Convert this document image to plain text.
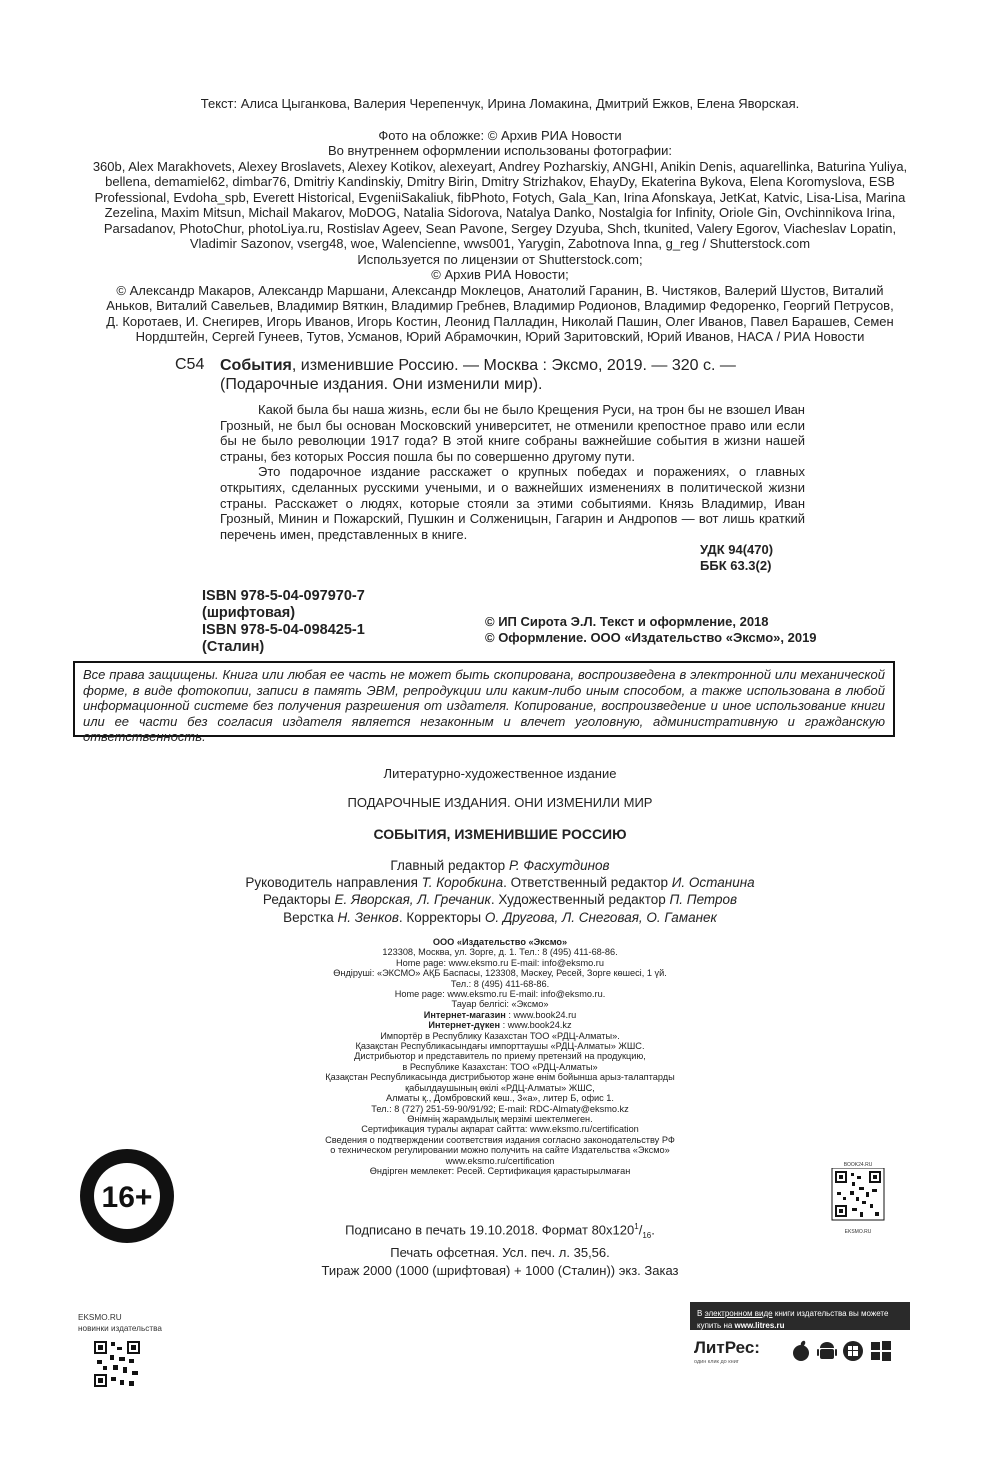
Текст: Алиса Цыганкова, Валерия Черепенчук, Ирина Ломакина, Дмитрий Ежков, Елена Яворская.
Фото на обложке: © Архив РИА Новости
Во внутреннем оформлении использованы фотографии:
360b, Alex Marakhovets, Alexey Broslavets, Alexey Kotikov, alexeyart, Andrey Pozharskiy, ANGHI, Anikin Denis, aquarellinka, Baturina Yuliya,
bellena, demamiel62, dimbar76, Dmitriy Kandinskiy, Dmitry Birin, Dmitry Strizhakov, EhayDy, Ekaterina Bykova, Elena Koromyslova, ESB
Professional, Evdoha_spb, Everett Historical, EvgeniiSakaliuk, fibPhoto, Fotych, Gala_Kan, Irina Afonskaya, JetKat, Katvic, Lisa-Lisa, Marina
Zezelina, Maxim Mitsun, Michail Makarov, MoDOG, Natalia Sidorova, Natalya Danko, Nostalgia for Infinity, Oriole Gin, Ovchinnikova Irina,
Parsadanov, PhotoChur, photoLiya.ru, Rostislav Ageev, Sean Pavone, Sergey Dzyuba, Shch, tkunited, Valery Egorov, Viacheslav Lopatin,
Vladimir Sazonov, vserg48, woe, Walencienne, wws001, Yarygin, Zabotnova Inna, g_reg / Shutterstock.com
Используется по лицензии от Shutterstock.com;
© Архив РИА Новости;
© Александр Макаров, Александр Маршани, Александр Моклецов, Анатолий Гаранин, В. Чистяков, Валерий Шустов, Виталий
Аньков, Виталий Савельев, Владимир Вяткин, Владимир Гребнев, Владимир Родионов, Владимир Федоренко, Георгий Петрусов,
Д. Коротаев, И. Снегирев, Игорь Иванов, Игорь Костин, Леонид Палладин, Николай Пашин, Олег Иванов, Павел Барашев, Семен
Нордштейн, Сергей Гунеев, Тутов, Усманов, Юрий Абрамочкин, Юрий Заритовский, Юрий Иванов, НАСА / РИА Новости
С54 События, изменившие Россию. — Москва : Эксмо, 2019. — 320 с. —
(Подарочные издания. Они изменили мир).

Какой была бы наша жизнь, если бы не было Крещения Руси, на трон бы не взошел Иван Грозный, не был бы основан Московский университет, не отменили крепостное право или если бы не было революции 1917 года? В этой книге собраны важнейшие события в жизни нашей страны, без которых Россия пошла бы по совершенно другому пути.

Это подарочное издание расскажет о крупных победах и поражениях, о главных открытиях, сделанных русскими учеными, и о важнейших изменениях в политической жизни страны. Расскажет о людях, которые стояли за этими событиями. Князь Владимир, Иван Грозный, Минин и Пожарский, Пушкин и Солженицын, Гагарин и Андропов — вот лишь краткий перечень имен, представленных в книге.

УДК 94(470)
ББК 63.3(2)
ISBN 978-5-04-097970-7
(шрифтовая)
ISBN 978-5-04-098425-1
(Сталин)
© ИП Сирота Э.Л. Текст и оформление, 2018
© Оформление. ООО «Издательство «Эксмо», 2019
Все права защищены. Книга или любая ее часть не может быть скопирована, воспроизведена в электронной или механической форме, в виде фотокопии, записи в память ЭВМ, репродукции или каким-либо иным способом, а также использована в любой информационной системе без получения разрешения от издателя. Копирование, воспроизведение и иное использование книги или ее части без согласия издателя является незаконным и влечет уголовную, административную и гражданскую ответственность.
Литературно-художественное издание
ПОДАРОЧНЫЕ ИЗДАНИЯ. ОНИ ИЗМЕНИЛИ МИР
СОБЫТИЯ, ИЗМЕНИВШИЕ РОССИЮ
Главный редактор Р. Фасхутдинов
Руководитель направления Т. Коробкина. Ответственный редактор И. Останина
Редакторы Е. Яворская, Л. Гречаник. Художественный редактор П. Петров
Верстка Н. Зенков. Корректоры О. Другова, Л. Снеговая, О. Гаманек
ООО «Издательство «Эксмо»
123308, Москва, ул. Зорге, д. 1. Тел.: 8 (495) 411-68-86.
Home page: www.eksmo.ru E-mail: info@eksmo.ru
Өндіруші: «ЭКСМО» АҚБ Баспасы, 123308, Мәскеу, Ресей, Зорге көшесі, 1 үй.
Тел.: 8 (495) 411-68-86.
Home page: www.eksmo.ru E-mail: info@eksmo.ru.
Тауар белгісі: «Эксмо»
Интернет-магазин : www.book24.ru
Интернет-дүкен : www.book24.kz
Импортёр в Республику Казахстан ТОО «РДЦ-Алматы».
Қазақстан Республикасындағы импорттаушы «РДЦ-Алматы» ЖШС.
Дистрибьютор и представитель по приему претензий на продукцию,
в Республике Казахстан: ТОО «РДЦ-Алматы»
Қазақстан Республикасында дистрибьютор және өнім бойынша арыз-талаптарды
қабылдаушының өкілі «РДЦ-Алматы» ЖШС,
Алматы қ., Домбровский көш., 3«а», литер Б, офис 1.
Тел.: 8 (727) 251-59-90/91/92; E-mail: RDC-Almaty@eksmo.kz
Өнімнің жарамдылық мерзімі шектелмеген.
Сертификация туралы ақпарат сайтта: www.eksmo.ru/certification
Сведения о подтверждении соответствия издания согласно законодательству РФ
о техническом регулировании можно получить на сайте Издательства «Эксмо»
www.eksmo.ru/certification
Өндірген мемлекет: Ресей. Сертификация қарастырылмаған
Подписано в печать 19.10.2018. Формат $80x120^1/_{16}$.
Печать офсетная. Усл. печ. л. 35,56.
Тираж 2000 (1000 (шрифтовая) + 1000 (Сталин)) экз. Заказ
16+
BOOK24.RU
EKSMO.RU
EKSMO.RU
новинки издательства
В электронном виде книги издательства вы можете купить на www.litres.ru
ЛитРес:
один клик до книг
